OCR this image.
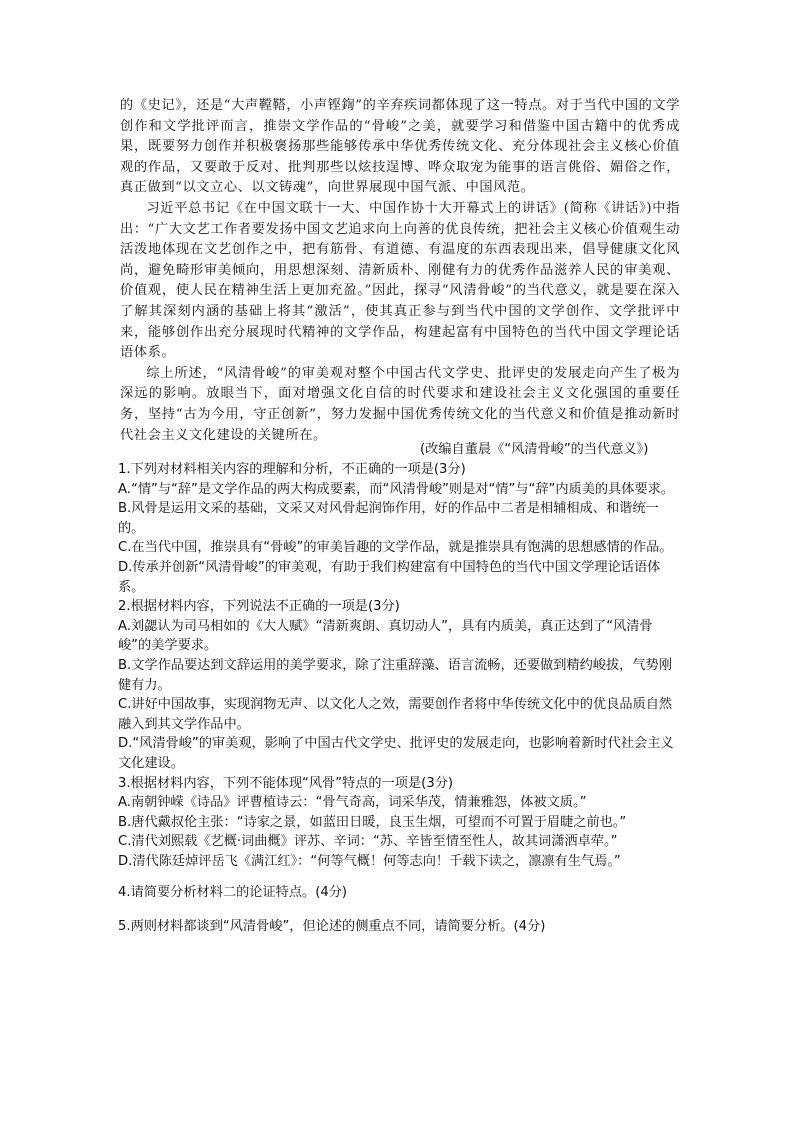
的《史记》，还是“大声鞺鞳，小声铿鍧”的辛弃疾词都体现了这一特点。对于当代中国的文学创作和文学批评而言，推崇文学作品的“骨峻”之美，就要学习和借鉴中国古籍中的优秀成果，既要努力创作并积极褒扬那些能够传承中华优秀传统文化、充分体现社会主义核心价值观的作品，又要敢于反对、批判那些以炫技逞博、哗众取宠为能事的语言佻俗、媚俗之作，真正做到“以文立心、以文铸魂”，向世界展现中国气派、中国风范。

习近平总书记《在中国文联十一大、中国作协十大开幕式上的讲话》(简称《讲话》)中指出：“广大文艺工作者要发扬中国文艺追求向上向善的优良传统，把社会主义核心价值观生动活泼地体现在文艺创作之中，把有筋骨、有道德、有温度的东西表现出来，倡导健康文化风尚，避免畸形审美倾向，用思想深刻、清新质朴、刚健有力的优秀作品滋养人民的审美观、价值观，使人民在精神生活上更加充盈。”因此，探寻“风清骨峻”的当代意义，就是要在深入了解其深刻内涵的基础上将其“激活”，使其真正参与到当代中国的文学创作、文学批评中来，能够创作出充分展现时代精神的文学作品，构建起富有中国特色的当代中国文学理论话语体系。

综上所述，“风清骨峻”的审美观对整个中国古代文学史、批评史的发展走向产生了极为深远的影响。放眼当下，面对增强文化自信的时代要求和建设社会主义文化强国的重要任务，坚持“古为今用，守正创新”，努力发掘中国优秀传统文化的当代意义和价值是推动新时代社会主义文化建设的关键所在。

(改编自董晨《“风清骨峻”的当代意义》)

1.下列对材料相关内容的理解和分析，不正确的一项是(3分)

A.“情”与“辞”是文学作品的两大构成要素，而“风清骨峻”则是对“情”与“辞”内质美的具体要求。

B.风骨是运用文采的基础，文采又对风骨起润饰作用，好的作品中二者是相辅相成、和谐统一的。

C.在当代中国，推崇具有“骨峻”的审美旨趣的文学作品，就是推崇具有饱满的思想感情的作品。

D.传承并创新“风清骨峻”的审美观，有助于我们构建富有中国特色的当代中国文学理论话语体系。

2.根据材料内容，下列说法不正确的一项是(3分)

A.刘勰认为司马相如的《大人赋》“清新爽朗、真切动人”，具有内质美，真正达到了“风清骨峻”的美学要求。

B.文学作品要达到文辞运用的美学要求，除了注重辞藻、语言流畅，还要做到精约峻拔，气势刚健有力。

C.讲好中国故事，实现润物无声、以文化人之效，需要创作者将中华传统文化中的优良品质自然融入到其文学作品中。

D.“风清骨峻”的审美观，影响了中国古代文学史、批评史的发展走向，也影响着新时代社会主义文化建设。

3.根据材料内容，下列不能体现“风骨”特点的一项是(3分)

A.南朝钟嵘《诗品》评曹植诗云：“骨气奇高，词采华茂，情兼雅怨，体被文质。”

B.唐代戴叔伦主张：“诗家之景，如蓝田日暖，良玉生烟，可望而不可置于眉睫之前也。”

C.清代刘熙载《艺概·词曲概》评苏、辛词：“苏、辛皆至情至性人，故其词潇洒卓荦。”

D.清代陈廷焯评岳飞《满江红》：“何等气概！何等志向！千载下读之，凛凛有生气焉。”

4.请简要分析材料二的论证特点。(4分)

5.两则材料都谈到“风清骨峻”，但论述的侧重点不同，请简要分析。(4分)
